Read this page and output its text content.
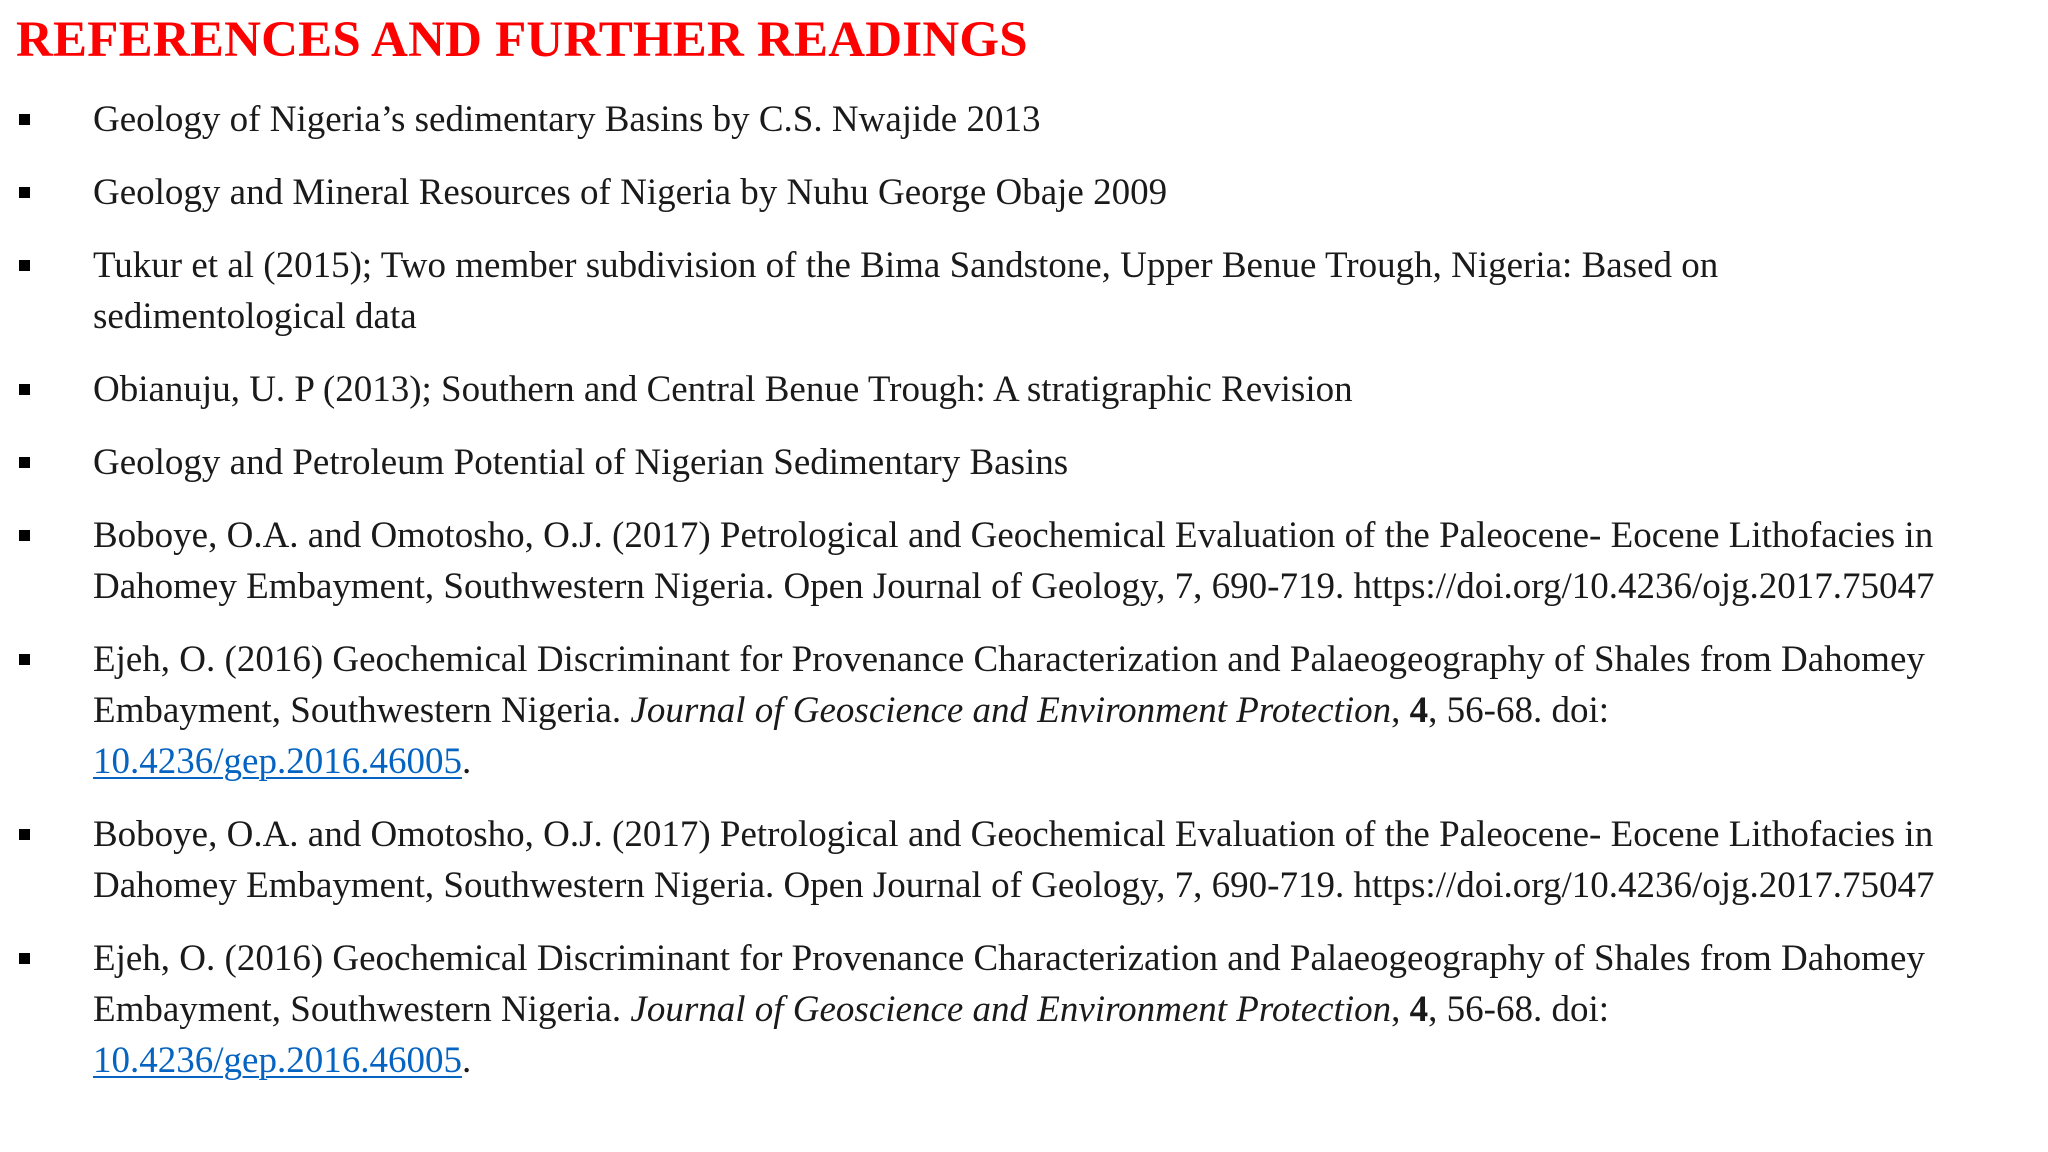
REFERENCES AND FURTHER READINGS
Geology of Nigeria’s sedimentary Basins by C.S. Nwajide 2013
Geology and Mineral Resources of Nigeria by Nuhu George Obaje 2009
Tukur et al (2015); Two member subdivision of the Bima Sandstone, Upper Benue Trough, Nigeria: Based on
sedimentological data
Obianuju, U. P (2013); Southern and Central Benue Trough: A stratigraphic Revision
Geology and Petroleum Potential of Nigerian Sedimentary Basins
Boboye, O.A. and Omotosho, O.J. (2017) Petrological and Geochemical Evaluation of the Paleocene- Eocene Lithofacies in
Dahomey Embayment, Southwestern Nigeria. Open Journal of Geology, 7, 690-719. https://doi.org/10.4236/ojg.2017.75047
Ejeh, O. (2016) Geochemical Discriminant for Provenance Characterization and Palaeogeography of Shales from Dahomey
Embayment, Southwestern Nigeria. Journal of Geoscience and Environment Protection, 4, 56-68. doi:
10.4236/gep.2016.46005.
Boboye, O.A. and Omotosho, O.J. (2017) Petrological and Geochemical Evaluation of the Paleocene- Eocene Lithofacies in
Dahomey Embayment, Southwestern Nigeria. Open Journal of Geology, 7, 690-719. https://doi.org/10.4236/ojg.2017.75047
Ejeh, O. (2016) Geochemical Discriminant for Provenance Characterization and Palaeogeography of Shales from Dahomey
Embayment, Southwestern Nigeria. Journal of Geoscience and Environment Protection, 4, 56-68. doi:
10.4236/gep.2016.46005.
